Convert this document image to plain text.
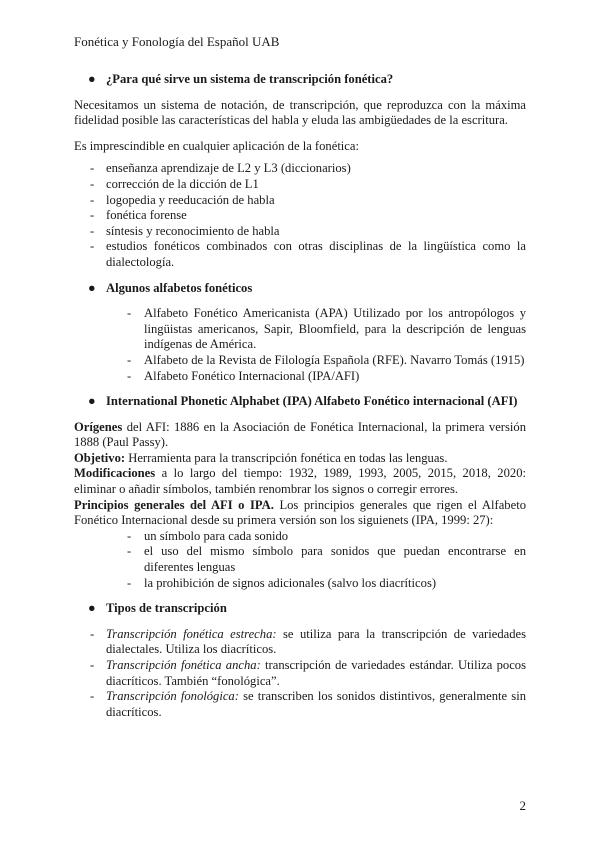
Fonética y Fonología del Español UAB
● ¿Para qué sirve un sistema de transcripción fonética?

Necesitamos un sistema de notación, de transcripción, que reproduzca con la máxima fidelidad posible las características del habla y eluda las ambigüedades de la escritura.

Es imprescindible en cualquier aplicación de la fonética:

- enseñanza aprendizaje de L2 y L3 (diccionarios)
- corrección de la dicción de L1
- logopedia y reeducación de habla
- fonética forense
- síntesis y reconocimiento de habla
- estudios fonéticos combinados con otras disciplinas de la lingüística como la dialectología.
● Algunos alfabetos fonéticos
- Alfabeto Fonético Americanista (APA) Utilizado por los antropólogos y lingüistas americanos, Sapir, Bloomfield, para la descripción de lenguas indígenas de América.
- Alfabeto de la Revista de Filología Española (RFE). Navarro Tomás (1915)
- Alfabeto Fonético Internacional (IPA/AFI)
● International Phonetic Alphabet (IPA) Alfabeto Fonético internacional (AFI)

Orígenes del AFI: 1886 en la Asociación de Fonética Internacional, la primera versión 1888 (Paul Passy).

Objetivo: Herramienta para la transcripción fonética en todas las lenguas.

Modificaciones a lo largo del tiempo: 1932, 1989, 1993, 2005, 2015, 2018, 2020: eliminar o añadir símbolos, también renombrar los signos o corregir errores.

Principios generales del AFI o IPA. Los principios generales que rigen el Alfabeto Fonético Internacional desde su primera versión son los siguienets (IPA, 1999: 27):

- un símbolo para cada sonido
- el uso del mismo símbolo para sonidos que puedan encontrarse en diferentes lenguas
- la prohibición de signos adicionales (salvo los diacríticos)
● Tipos de transcripción
- Transcripción fonética estrecha: se utiliza para la transcripción de variedades dialectales. Utiliza los diacríticos.
- Transcripción fonética ancha: transcripción de variedades estándar. Utiliza pocos diacríticos. También “fonológica”.
- Transcripción fonológica: se transcriben los sonidos distintivos, generalmente sin diacríticos.
2
